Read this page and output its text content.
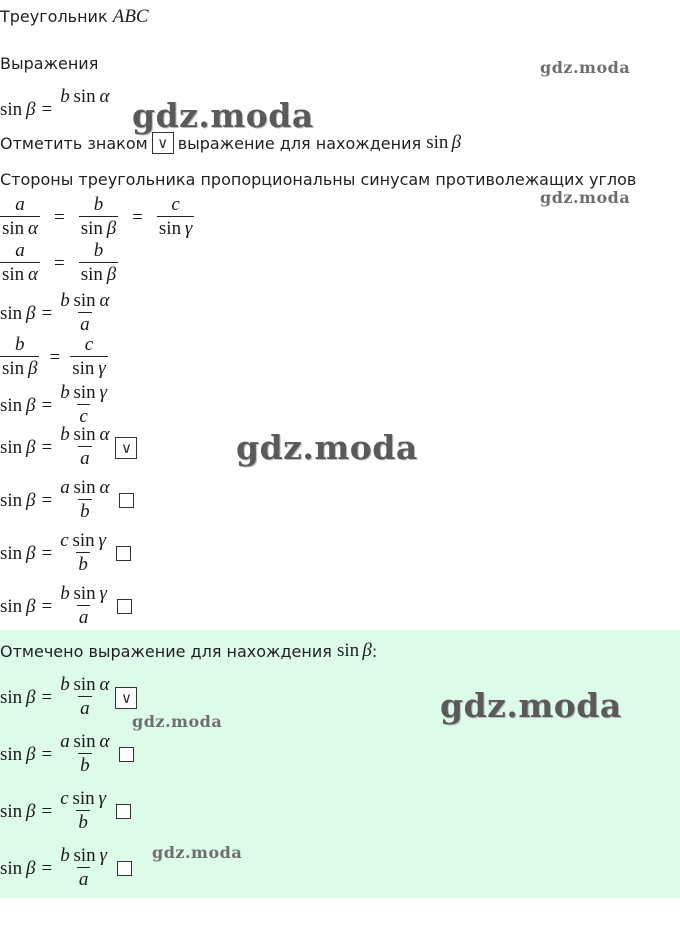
Треугольник ABC
Выражения
sin
  β =
b  sin  α
Отметить знаком ∨ выражение для нахождения
sin
  β
Стороны треугольника пропорциональны синусам противолежащих углов
$\frac{a}{\text{sin  α}} = \frac{b}{\text{sin  β}} = \frac{c}{\text{sin  γ}}$
$\frac{a}{\text{sin  α}} = \frac{b}{\text{sin  β}}$
sin
  $\beta = \frac{\text{b  sin  α}}{a}$
$\frac{b}{\text{sin  β}} = \frac{c}{\text{sin  γ}}$
sin
  $\beta = \frac{\text{b  sin  γ}}{c}$
sin
  $\beta = \frac{\text{b  sin  α}}{a}$ ∨
sin
  $\beta = \frac{\text{a  sin  α}}{b}$
sin
  $\beta = \frac{\text{c  sin  γ}}{b}$
sin
  $\beta = \frac{\text{b  sin  γ}}{a}$
Отмечено выражение для нахождения
sin
  β :
sin
  $\beta = \frac{\text{b  sin  α}}{a}$ ∨
sin
  $\beta = \frac{\text{a  sin  α}}{b}$
sin
  $\beta = \frac{\text{c  sin  γ}}{b}$
sin
  $\beta = \frac{\text{b  sin  γ}}{a}$
gdz.moda
gdz.moda
gdz.moda
gdz.moda
gdz.moda
gdz.moda
gdz.moda
